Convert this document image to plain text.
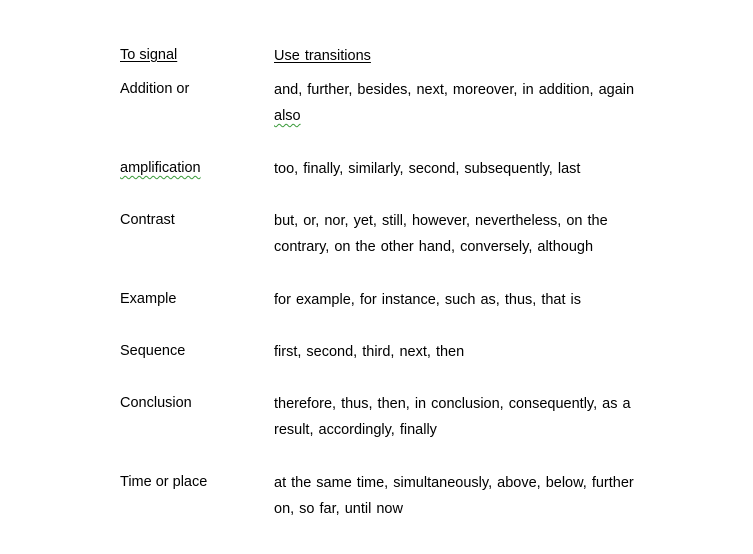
To signal	Use transitions
Addition or	and, further, besides, next, moreover, in addition, again also
amplification	too, finally, similarly, second, subsequently, last
Contrast	but, or, nor, yet, still, however, nevertheless, on the contrary, on the other hand, conversely, although
Example	for example, for instance, such as, thus, that is
Sequence	first, second, third, next, then
Conclusion	therefore, thus, then, in conclusion, consequently, as a result, accordingly, finally
Time or place	at the same time, simultaneously, above, below, further on, so far, until now
